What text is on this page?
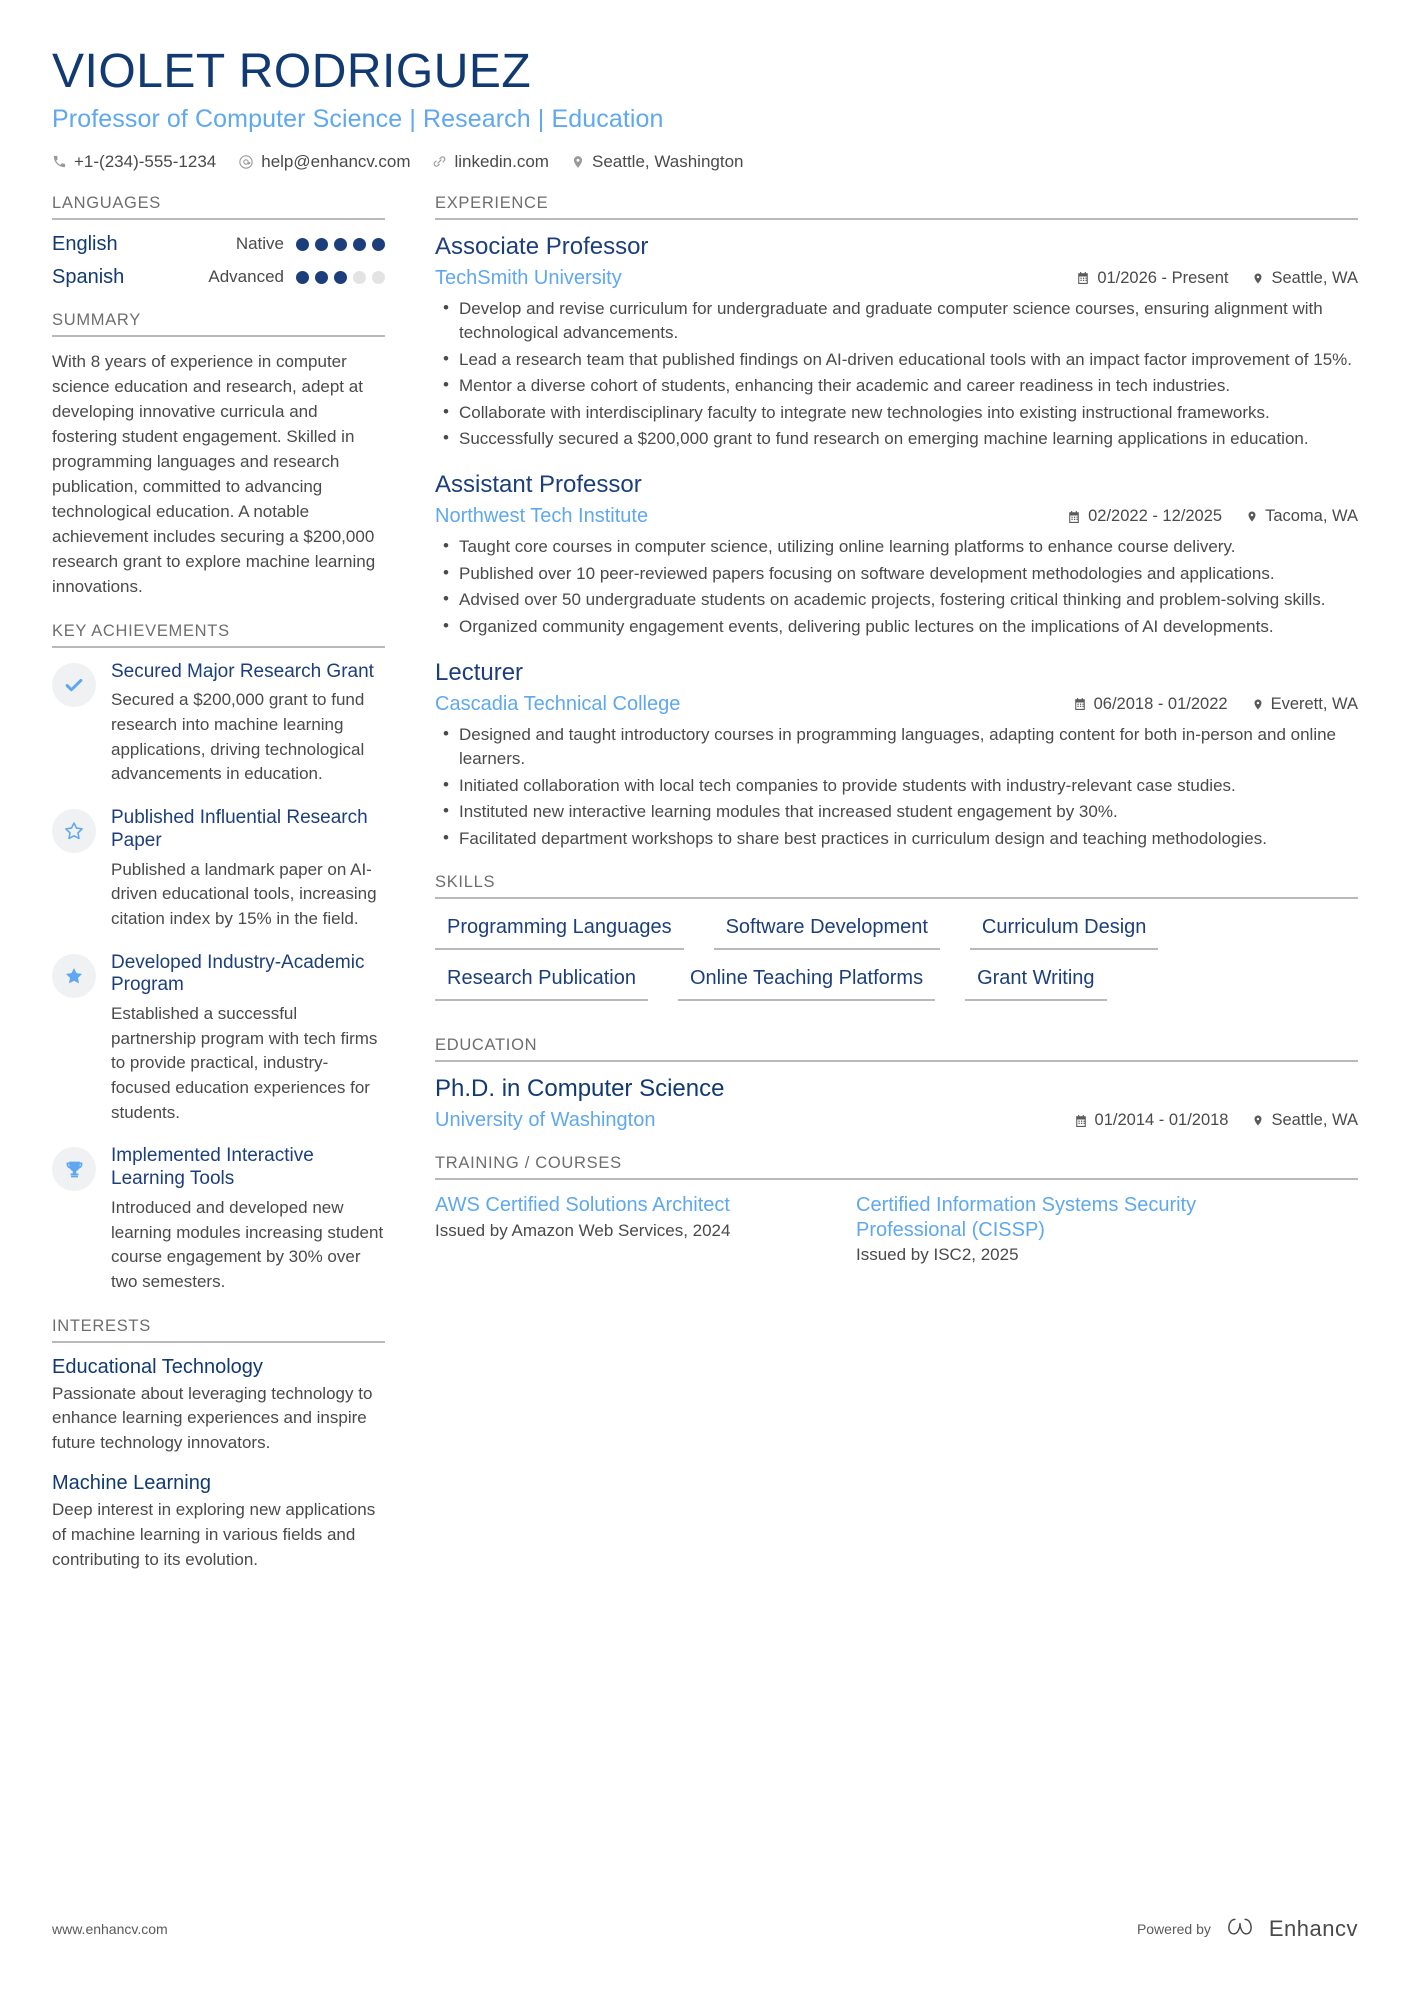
VIOLET RODRIGUEZ
Professor of Computer Science | Research | Education
+1-(234)-555-1234	help@enhancv.com	linkedin.com	Seattle, Washington
LANGUAGES
English	Native
Spanish	Advanced
SUMMARY
With 8 years of experience in computer science education and research, adept at developing innovative curricula and fostering student engagement. Skilled in programming languages and research publication, committed to advancing technological education. A notable achievement includes securing a $200,000 research grant to explore machine learning innovations.
KEY ACHIEVEMENTS
Secured Major Research Grant
Secured a $200,000 grant to fund research into machine learning applications, driving technological advancements in education.
Published Influential Research Paper
Published a landmark paper on AI-driven educational tools, increasing citation index by 15% in the field.
Developed Industry-Academic Program
Established a successful partnership program with tech firms to provide practical, industry-focused education experiences for students.
Implemented Interactive Learning Tools
Introduced and developed new learning modules increasing student course engagement by 30% over two semesters.
INTERESTS
Educational Technology
Passionate about leveraging technology to enhance learning experiences and inspire future technology innovators.
Machine Learning
Deep interest in exploring new applications of machine learning in various fields and contributing to its evolution.
EXPERIENCE
Associate Professor
TechSmith University	01/2026 - Present	Seattle, WA
• Develop and revise curriculum for undergraduate and graduate computer science courses, ensuring alignment with technological advancements.
• Lead a research team that published findings on AI-driven educational tools with an impact factor improvement of 15%.
• Mentor a diverse cohort of students, enhancing their academic and career readiness in tech industries.
• Collaborate with interdisciplinary faculty to integrate new technologies into existing instructional frameworks.
• Successfully secured a $200,000 grant to fund research on emerging machine learning applications in education.
Assistant Professor
Northwest Tech Institute	02/2022 - 12/2025	Tacoma, WA
• Taught core courses in computer science, utilizing online learning platforms to enhance course delivery.
• Published over 10 peer-reviewed papers focusing on software development methodologies and applications.
• Advised over 50 undergraduate students on academic projects, fostering critical thinking and problem-solving skills.
• Organized community engagement events, delivering public lectures on the implications of AI developments.
Lecturer
Cascadia Technical College	06/2018 - 01/2022	Everett, WA
• Designed and taught introductory courses in programming languages, adapting content for both in-person and online learners.
• Initiated collaboration with local tech companies to provide students with industry-relevant case studies.
• Instituted new interactive learning modules that increased student engagement by 30%.
• Facilitated department workshops to share best practices in curriculum design and teaching methodologies.
SKILLS
Programming Languages	Software Development	Curriculum Design
Research Publication	Online Teaching Platforms	Grant Writing
EDUCATION
Ph.D. in Computer Science
University of Washington	01/2014 - 01/2018	Seattle, WA
TRAINING / COURSES
AWS Certified Solutions Architect
Issued by Amazon Web Services, 2024
Certified Information Systems Security Professional (CISSP)
Issued by ISC2, 2025
www.enhancv.com	Powered by	Enhancv
